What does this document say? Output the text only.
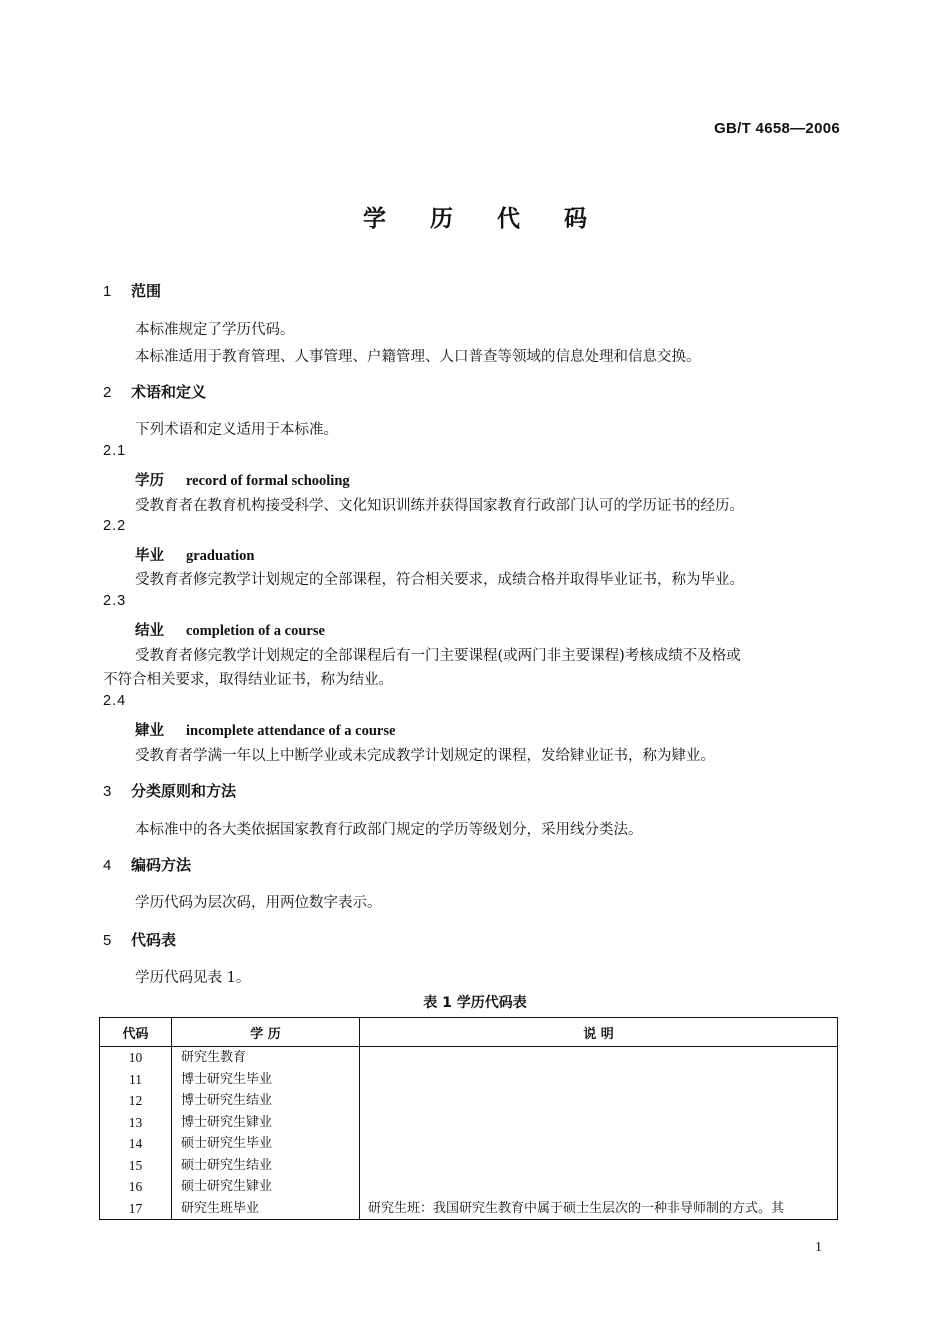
GB/T 4658—2006
学 历 代 码
1 范围
本标准规定了学历代码。
本标准适用于教育管理、人事管理、户籍管理、人口普查等领域的信息处理和信息交换。
2 术语和定义
下列术语和定义适用于本标准。
2.1
学历 record of formal schooling
受教育者在教育机构接受科学、文化知识训练并获得国家教育行政部门认可的学历证书的经历。
2.2
毕业 graduation
受教育者修完教学计划规定的全部课程，符合相关要求，成绩合格并取得毕业证书，称为毕业。
2.3
结业 completion of a course
受教育者修完教学计划规定的全部课程后有一门主要课程(或两门非主要课程)考核成绩不及格或
不符合相关要求，取得结业证书，称为结业。
2.4
肄业 incomplete attendance of a course
受教育者学满一年以上中断学业或未完成教学计划规定的课程，发给肄业证书，称为肄业。
3 分类原则和方法
本标准中的各大类依据国家教育行政部门规定的学历等级划分，采用线分类法。
4 编码方法
学历代码为层次码，用两位数字表示。
5 代码表
学历代码见表 1。
表 1 学历代码表
代码	学 历	说 明
10	研究生教育	
11	博士研究生毕业	
12	博士研究生结业	
13	博士研究生肄业	
14	硕士研究生毕业	
15	硕士研究生结业	
16	硕士研究生肄业	
17	研究生班毕业	研究生班：我国研究生教育中属于硕士生层次的一种非导师制的方式。其
1
